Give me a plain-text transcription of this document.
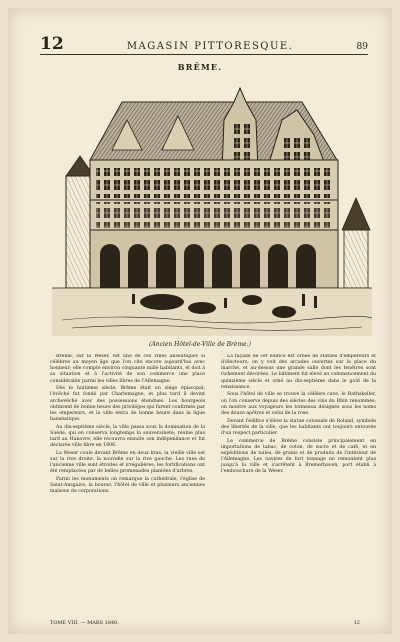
12	MAGASIN PITTORESQUE.	89
BRÊME.
(Ancien Hôtel-de-Ville de Brème.)

Brême, sur la Weser, est une de ces villes anséatiques si célèbres au moyen âge que l'on cite encore aujourd'hui avec honneur; elle compte environ cinquante mille habitants, et doit à sa situation et à l'activité de son commerce une place considérable parmi les villes libres de l'Allemagne.

Dès le huitième siècle, Brême était un siège épiscopal; l'évêché fut fondé par Charlemagne, et plus tard il devint archevêché avec des possessions étendues. Les bourgeois obtinrent de bonne heure des priviléges qui furent confirmés par les empereurs, et la ville entra de bonne heure dans la ligue hanséatique.

Au dix-septième siècle, la ville passa sous la domination de la Suède, qui en conserva longtemps la souveraineté; réunie plus tard au Hanovre, elle recouvra ensuite son indépendance et fut déclarée ville libre en 1806.

La Weser coule devant Brême en deux bras; la vieille ville est sur la rive droite, la nouvelle sur la rive gauche. Les rues de l'ancienne ville sont étroites et irrégulières; les fortifications ont été remplacées par de belles promenades plantées d'arbres.

Parmi les monuments on remarque la cathédrale, l'église de Saint-Ansgaire, la bourse, l'hôtel de ville et plusieurs anciennes maisons de corporations.

La façade de cet édifice est ornée de statues d'empereurs et d'électeurs; on y voit des arcades ouvertes sur la place du marché, et au-dessus une grande salle dont les fenêtres sont richement décorées. Le bâtiment fut élevé au commencement du quinzième siècle et orné au dix-septième dans le goût de la renaissance.

Sous l'hôtel de ville se trouve la célèbre cave, le Rathskeller, où l'on conserve depuis des siècles des vins du Rhin renommés; on montre aux voyageurs les tonneaux désignés sous les noms des douze apôtres et celui de la rose.

Devant l'édifice s'élève la statue colossale de Roland, symbole des libertés de la ville, que les habitants ont toujours entourée d'un respect particulier.

Le commerce de Brême consiste principalement en importations de tabac, de coton, de sucre et de café, et en expéditions de toiles, de grains et de produits de l'intérieur de l'Allemagne. Les navires de fort tonnage ne remontent plus jusqu'à la ville et s'arrêtent à Bremerhaven, port établi à l'embouchure de la Weser.

TOME VIII. — MARS 1840.	12
